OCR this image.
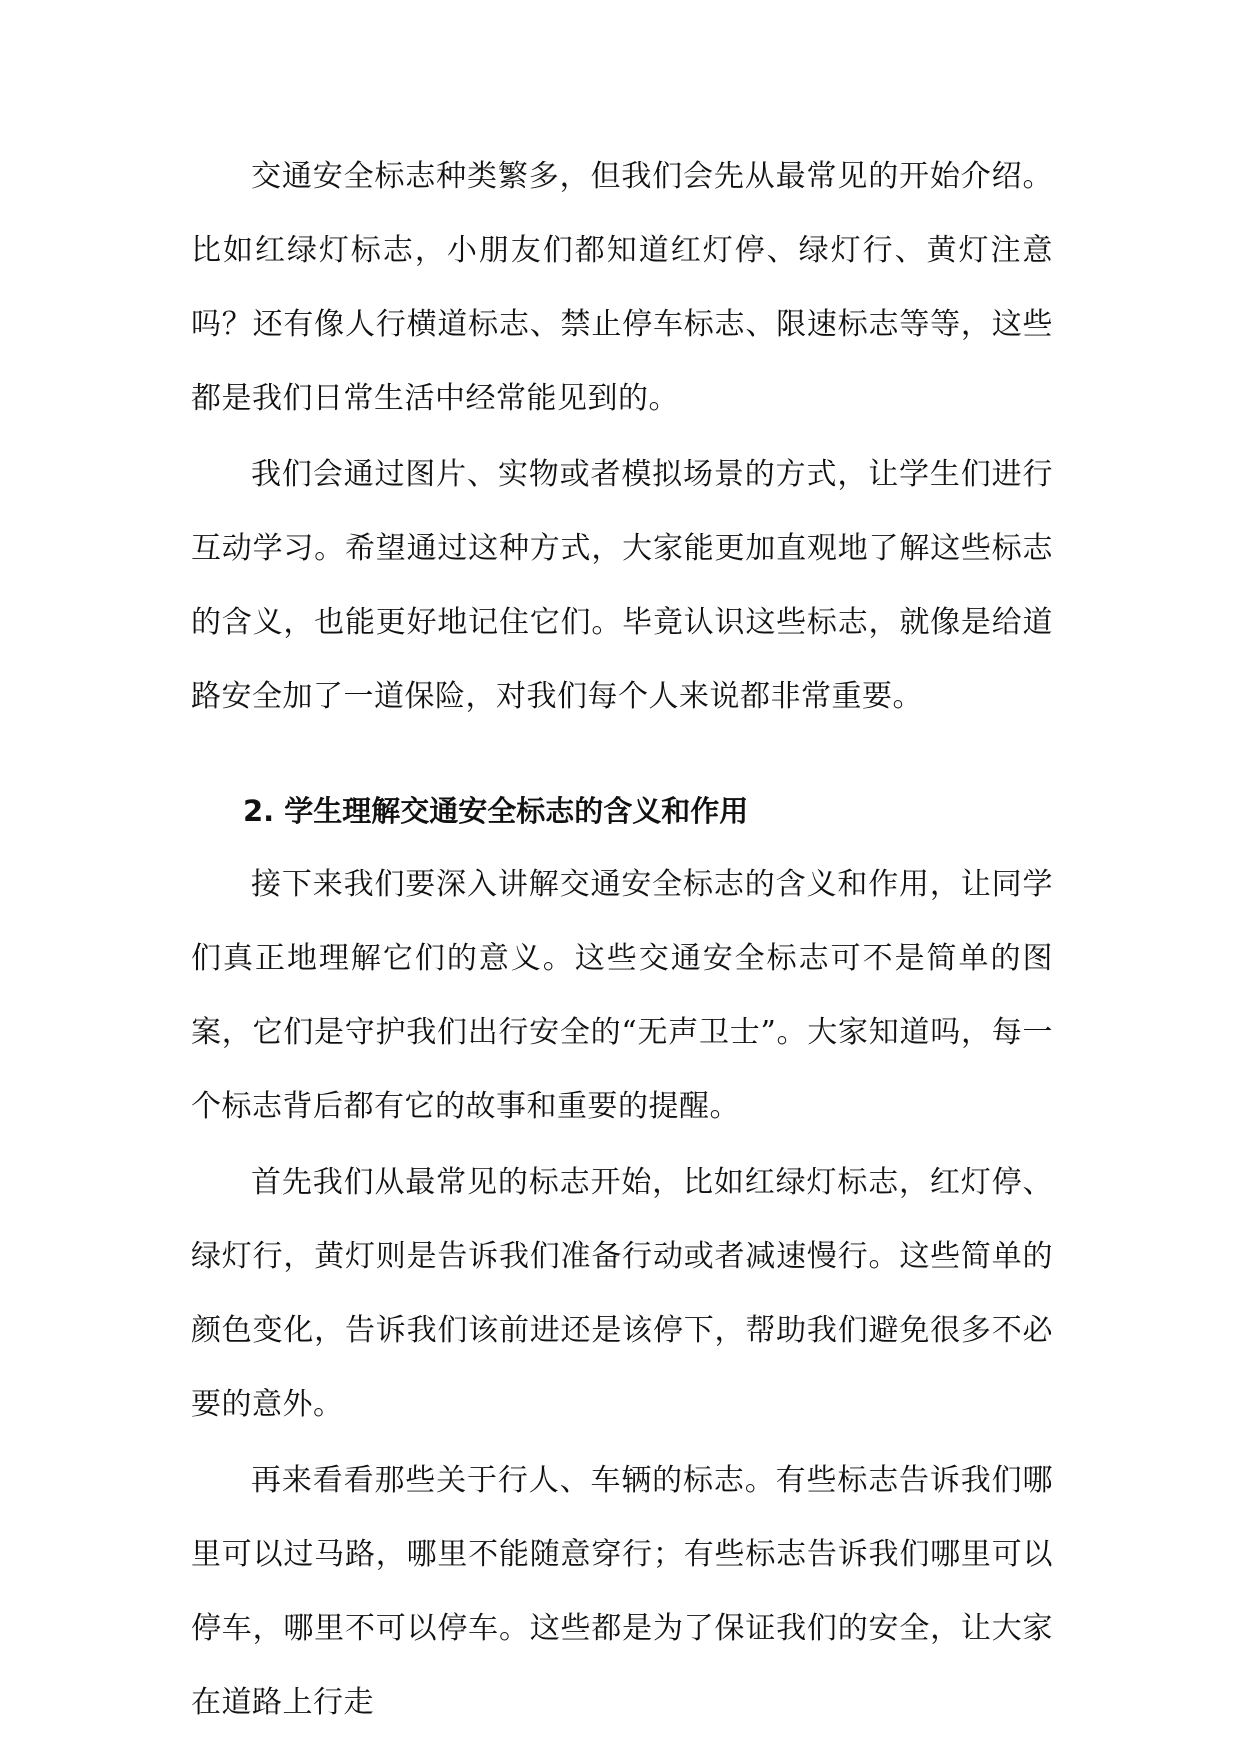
交通安全标志种类繁多，但我们会先从最常见的开始介绍。比如红绿灯标志，小朋友们都知道红灯停、绿灯行、黄灯注意吗？还有像人行横道标志、禁止停车标志、限速标志等等，这些都是我们日常生活中经常能见到的。

我们会通过图片、实物或者模拟场景的方式，让学生们进行互动学习。希望通过这种方式，大家能更加直观地了解这些标志的含义，也能更好地记住它们。毕竟认识这些标志，就像是给道路安全加了一道保险，对我们每个人来说都非常重要。

2. 学生理解交通安全标志的含义和作用

接下来我们要深入讲解交通安全标志的含义和作用，让同学们真正地理解它们的意义。这些交通安全标志可不是简单的图案，它们是守护我们出行安全的“无声卫士”。大家知道吗，每一个标志背后都有它的故事和重要的提醒。

首先我们从最常见的标志开始，比如红绿灯标志，红灯停、绿灯行，黄灯则是告诉我们准备行动或者减速慢行。这些简单的颜色变化，告诉我们该前进还是该停下，帮助我们避免很多不必要的意外。

再来看看那些关于行人、车辆的标志。有些标志告诉我们哪里可以过马路，哪里不能随意穿行；有些标志告诉我们哪里可以停车，哪里不可以停车。这些都是为了保证我们的安全，让大家在道路上行走
